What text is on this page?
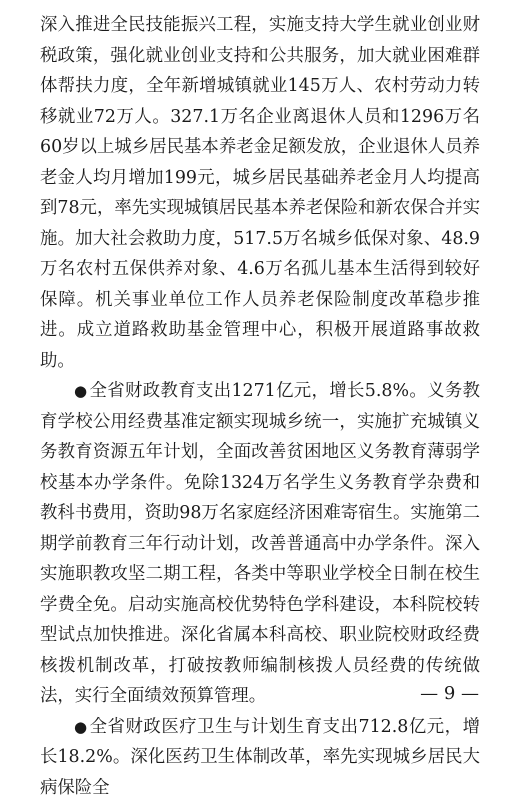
深入推进全民技能振兴工程，实施支持大学生就业创业财税政策，强化就业创业支持和公共服务，加大就业困难群体帮扶力度，全年新增城镇就业145万人、农村劳动力转移就业72万人。327.1万名企业离退休人员和1296万名60岁以上城乡居民基本养老金足额发放，企业退休人员养老金人均月增加199元，城乡居民基础养老金月人均提高到78元，率先实现城镇居民基本养老保险和新农保合并实施。加大社会救助力度，517.5万名城乡低保对象、48.9万名农村五保供养对象、4.6万名孤儿基本生活得到较好保障。机关事业单位工作人员养老保险制度改革稳步推进。成立道路救助基金管理中心，积极开展道路事故救助。

● 全省财政教育支出1271亿元，增长5.8%。义务教育学校公用经费基准定额实现城乡统一，实施扩充城镇义务教育资源五年计划，全面改善贫困地区义务教育薄弱学校基本办学条件。免除1324万名学生义务教育学杂费和教科书费用，资助98万名家庭经济困难寄宿生。实施第二期学前教育三年行动计划，改善普通高中办学条件。深入实施职教攻坚二期工程，各类中等职业学校全日制在校生学费全免。启动实施高校优势特色学科建设，本科院校转型试点加快推进。深化省属本科高校、职业院校财政经费核拨机制改革，打破按教师编制核拨人员经费的传统做法，实行全面绩效预算管理。

● 全省财政医疗卫生与计划生育支出712.8亿元，增长18.2%。深化医药卫生体制改革，率先实现城乡居民大病保险全

— 9 —
